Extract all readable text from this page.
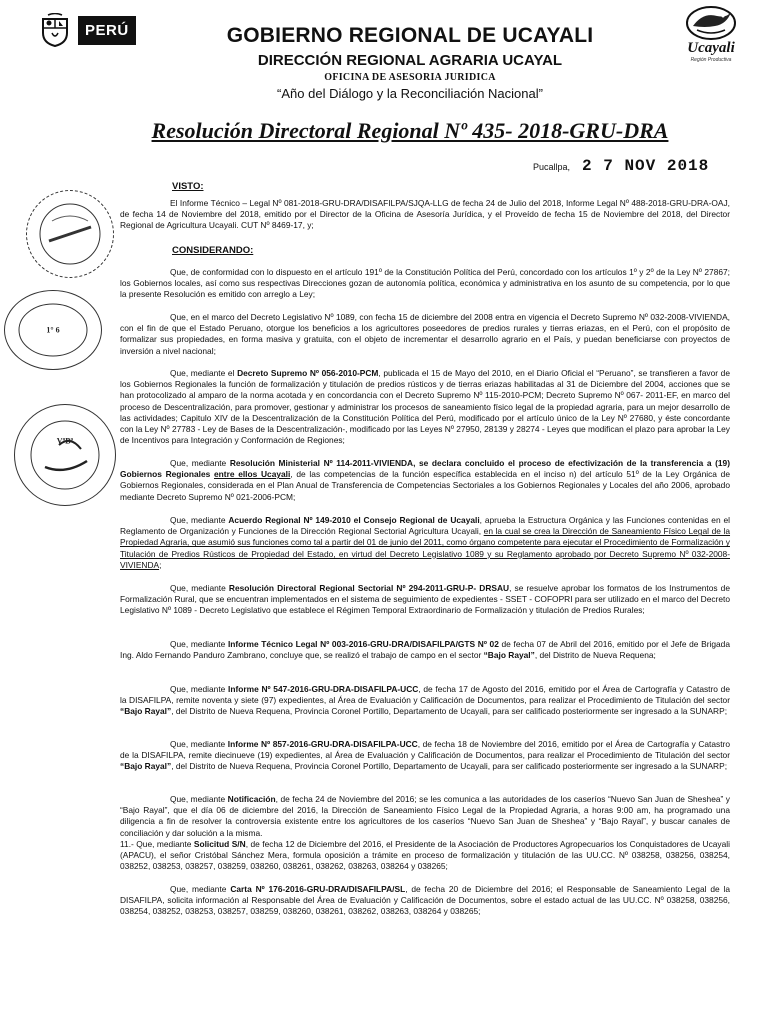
PERÚ
Ucayali
Región Productiva
GOBIERNO REGIONAL DE UCAYALI
DIRECCIÓN REGIONAL AGRARIA UCAYAL
OFICINA DE ASESORIA JURIDICA
“Año del Diálogo y la Reconciliación Nacional”
Resolución Directoral Regional Nº 435- 2018-GRU-DRA
Pucallpa, 2 7 NOV 2018
1° 6
VºBº
VISTO:

El Informe Técnico – Legal Nº 081-2018-GRU-DRA/DISAFILPA/SJQA-LLG de fecha 24 de Julio del 2018, Informe Legal Nº 488-2018-GRU-DRA-OAJ, de fecha 14 de Noviembre del 2018, emitido por el Director de la Oficina de Asesoría Jurídica, y el Proveído de fecha 15 de Noviembre del 2018, del Director Regional de Agricultura Ucayali. CUT Nº 8469-17, y;

CONSIDERANDO:

Que, de conformidad con lo dispuesto en el artículo 191º de la Constitución Política del Perú, concordado con los artículos 1º y 2º de la Ley Nº 27867; los Gobiernos locales, así como sus respectivas Direcciones gozan de autonomía política, económica y administrativa en los asunto de su competencia, por lo que la presente Resolución es emitido con arreglo a Ley;

Que, en el marco del Decreto Legislativo Nº 1089, con fecha 15 de diciembre del 2008 entra en vigencia el Decreto Supremo Nº 032-2008-VIVIENDA, con el fin de que el Estado Peruano, otorgue los beneficios a los agricultores poseedores de predios rurales y tierras eriazas, en el Perú, con el propósito de formalizar sus propiedades, en forma masiva y gratuita, con el objeto de incrementar el desarrollo agrario en el País, y puedan beneficiarse con proyectos de inversión a nivel nacional;

Que, mediante el Decreto Supremo Nº 056-2010-PCM, publicada el 15 de Mayo del 2010, en el Diario Oficial el “Peruano”, se transfieren a favor de los Gobiernos Regionales la función de formalización y titulación de predios rústicos y de tierras eriazas habilitadas al 31 de Diciembre del 2004, acciones que se han protocolizado al amparo de la norma acotada y en concordancia con el Decreto Supremo Nº 115-2010-PCM; Decreto Supremo Nº 067- 2011-EF, en marco del proceso de Descentralización, para promover, gestionar y administrar los procesos de saneamiento físico legal de la propiedad agraria, para un mejor desarrollo de las actividades; Capitulo XIV de la Descentralización de la Constitución Política del Perú, modificado por el artículo único de la Ley Nº 27680, y éste concordante con la Ley Nº 27783 - Ley de Bases de la Descentralización-, modificado por las Leyes Nº 27950, 28139 y 28274 - Leyes que modifican el plazo para aprobar la Ley de Incentivos para Integración y Conformación de Regiones;

Que, mediante Resolución Ministerial Nº 114-2011-VIVIENDA, se declara concluido el proceso de efectivización de la transferencia a (19) Gobiernos Regionales entre ellos Ucayali, de las competencias de la función específica establecida en el inciso n) del artículo 51º de la Ley Orgánica de Gobiernos Regionales, considerada en el Plan Anual de Transferencia de Competencias Sectoriales a los Gobiernos Regionales y Locales del año 2006, aprobado mediante Decreto Supremo Nº 021-2006-PCM;

Que, mediante Acuerdo Regional Nº 149-2010 el Consejo Regional de Ucayali, aprueba la Estructura Orgánica y las Funciones contenidas en el Reglamento de Organización y Funciones de la Dirección Regional Sectorial Agricultura Ucayali, en la cual se crea la Dirección de Saneamiento Físico Legal de la Propiedad Agraria, que asumió sus funciones como tal a partir del 01 de junio del 2011, como órgano competente para ejecutar el Procedimiento de Formalización y Titulación de Predios Rústicos de Propiedad del Estado, en virtud del Decreto Legislativo 1089 y su Reglamento aprobado por Decreto Supremo Nº 032-2008-VIVIENDA;

Que, mediante Resolución Directoral Regional Sectorial Nº 294-2011-GRU-P- DRSAU, se resuelve aprobar los formatos de los Instrumentos de Formalización Rural, que se encuentran implementados en el sistema de seguimiento de expedientes - SSET - COFOPRI para ser utilizado en el marco del Decreto Legislativo Nº 1089 - Decreto Legislativo que establece el Régimen Temporal Extraordinario de Formalización y titulación de Predios Rurales;

Que, mediante Informe Técnico Legal Nº 003-2016-GRU-DRA/DISAFILPA/GTS Nº 02 de fecha 07 de Abril del 2016, emitido por el Jefe de Brigada Ing. Aldo Fernando Panduro Zambrano, concluye que, se realizó el trabajo de campo en el sector “Bajo Rayal”, del Distrito de Nueva Requena;

Que, mediante Informe Nº 547-2016-GRU-DRA-DISAFILPA-UCC, de fecha 17 de Agosto del 2016, emitido por el Área de Cartografía y Catastro de la DISAFILPA, remite noventa y siete (97) expedientes, al Área de Evaluación y Calificación de Documentos, para realizar el Procedimiento de Titulación del sector “Bajo Rayal”, del Distrito de Nueva Requena, Provincia Coronel Portillo, Departamento de Ucayali, para ser calificado posteriormente ser ingresado a la SUNARP;

Que, mediante Informe Nº 857-2016-GRU-DRA-DISAFILPA-UCC, de fecha 18 de Noviembre del 2016, emitido por el Área de Cartografía y Catastro de la DISAFILPA, remite diecinueve (19) expedientes, al Área de Evaluación y Calificación de Documentos, para realizar el Procedimiento de Titulación del sector “Bajo Rayal”, del Distrito de Nueva Requena, Provincia Coronel Portillo, Departamento de Ucayali, para ser calificado posteriormente ser ingresado a la SUNARP;

Que, mediante Notificación, de fecha 24 de Noviembre del 2016; se les comunica a las autoridades de los caseríos “Nuevo San Juan de Sheshea” y “Bajo Rayal”, que el día 06 de diciembre del 2016, la Dirección de Saneamiento Físico Legal de la Propiedad Agraria, a horas 9:00 am, ha programado una diligencia a fin de resolver la controversia existente entre los agricultores de los caseríos “Nuevo San Juan de Sheshea” y “Bajo Rayal”, y buscar canales de conciliación y dar solución a la misma.

11.- Que, mediante Solicitud S/N, de fecha 12 de Diciembre del 2016, el Presidente de la Asociación de Productores Agropecuarios los Conquistadores de Ucayali (APACU), el señor Cristóbal Sánchez Mera, formula oposición a trámite en proceso de formalización y titulación de las UU.CC. Nº 038258, 038256, 038254, 038252, 038253, 038257, 038259, 038260, 038261, 038262, 038263, 038264 y 038265;

Que, mediante Carta Nº 176-2016-GRU-DRA/DISAFILPA/SL, de fecha 20 de Diciembre del 2016; el Responsable de Saneamiento Legal de la DISAFILPA, solicita información al Responsable del Área de Evaluación y Calificación de Documentos, sobre el estado actual de las UU.CC. Nº 038258, 038256, 038254, 038252, 038253, 038257, 038259, 038260, 038261, 038262, 038263, 038264 y 038265;
